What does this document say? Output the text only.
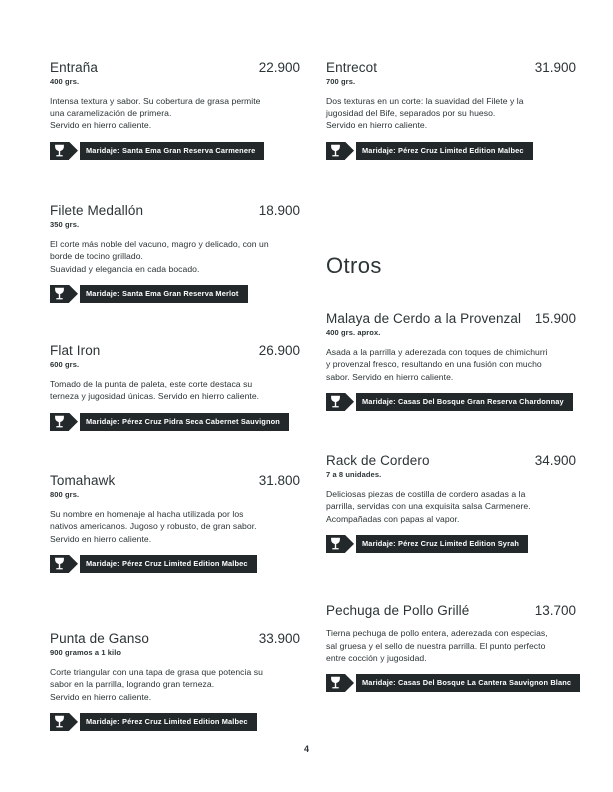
Entraña	22.900
400 grs.
Intensa textura y sabor. Su cobertura de grasa permite
una caramelización de primera.
Servido en hierro caliente.
Maridaje: Santa Ema Gran Reserva Carmenere
Filete Medallón	18.900
350 grs.
El corte más noble del vacuno, magro y delicado, con un
borde de tocino grillado.
Suavidad y elegancia en cada bocado.
Maridaje: Santa Ema Gran Reserva Merlot
Flat Iron	26.900
600 grs.
Tomado de la punta de paleta, este corte destaca su
terneza y jugosidad únicas. Servido en hierro caliente.
Maridaje: Pérez Cruz Pidra Seca Cabernet Sauvignon
Tomahawk	31.800
800 grs.
Su nombre en homenaje al hacha utilizada por los
nativos americanos. Jugoso y robusto, de gran sabor.
Servido en hierro caliente.
Maridaje: Pérez Cruz Limited Edition Malbec
Punta de Ganso	33.900
900 gramos a 1 kilo
Corte triangular con una tapa de grasa que potencia su
sabor en la parrilla, logrando gran terneza.
Servido en hierro caliente.
Maridaje: Pérez Cruz Limited Edition Malbec
Entrecot	31.900
700 grs.
Dos texturas en un corte: la suavidad del Filete y la
jugosidad del Bife, separados por su hueso.
Servido en hierro caliente.
Maridaje: Pérez Cruz Limited Edition Malbec
Otros
Malaya de Cerdo a la Provenzal	15.900
400 grs. aprox.
Asada a la parrilla y aderezada con toques de chimichurri
y provenzal fresco, resultando en una fusión con mucho
sabor. Servido en hierro caliente.
Maridaje: Casas Del Bosque Gran Reserva Chardonnay
Rack de Cordero	34.900
7 a 8 unidades.
Deliciosas piezas de costilla de cordero asadas a la
parrilla, servidas con una exquisita salsa Carmenere.
Acompañadas con papas al vapor.
Maridaje: Pérez Cruz Limited Edition Syrah
Pechuga de Pollo Grillé	13.700
Tierna pechuga de pollo entera, aderezada con especias,
sal gruesa y el sello de nuestra parrilla. El punto perfecto
entre cocción y jugosidad.
Maridaje: Casas Del Bosque La Cantera Sauvignon Blanc
4
